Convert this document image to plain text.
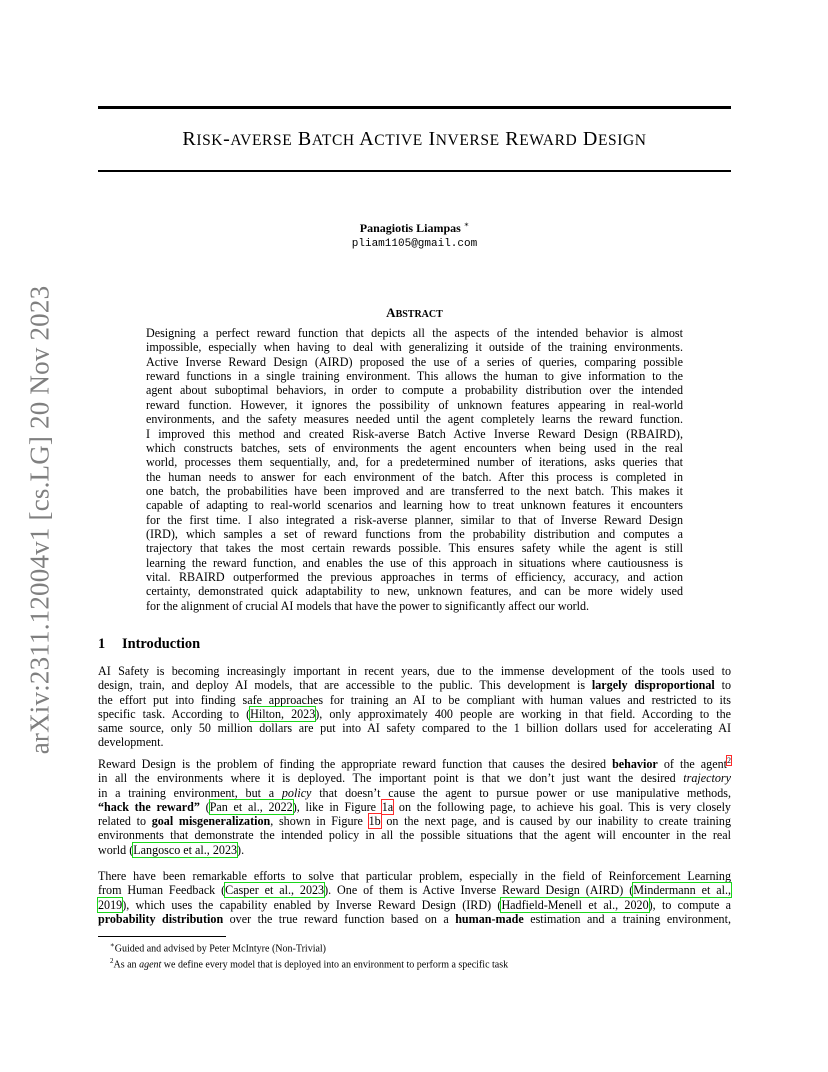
arXiv:2311.12004v1 [cs.LG] 20 Nov 2023
RISK-AVERSE BATCH ACTIVE INVERSE REWARD DESIGN
Panagiotis Liampas ∗
pliam1105@gmail.com
ABSTRACT
Designing a perfect reward function that depicts all the aspects of the intended behavior is almost
impossible, especially when having to deal with generalizing it outside of the training environments.
Active Inverse Reward Design (AIRD) proposed the use of a series of queries, comparing possible
reward functions in a single training environment. This allows the human to give information to the
agent about suboptimal behaviors, in order to compute a probability distribution over the intended
reward function. However, it ignores the possibility of unknown features appearing in real-world
environments, and the safety measures needed until the agent completely learns the reward function.
I improved this method and created Risk-averse Batch Active Inverse Reward Design (RBAIRD),
which constructs batches, sets of environments the agent encounters when being used in the real
world, processes them sequentially, and, for a predetermined number of iterations, asks queries that
the human needs to answer for each environment of the batch. After this process is completed in
one batch, the probabilities have been improved and are transferred to the next batch. This makes it
capable of adapting to real-world scenarios and learning how to treat unknown features it encounters
for the first time. I also integrated a risk-averse planner, similar to that of Inverse Reward Design
(IRD), which samples a set of reward functions from the probability distribution and computes a
trajectory that takes the most certain rewards possible. This ensures safety while the agent is still
learning the reward function, and enables the use of this approach in situations where cautiousness is
vital. RBAIRD outperformed the previous approaches in terms of efficiency, accuracy, and action
certainty, demonstrated quick adaptability to new, unknown features, and can be more widely used
for the alignment of crucial AI models that have the power to significantly affect our world.
1 Introduction
AI Safety is becoming increasingly important in recent years, due to the immense development of the tools used to
design, train, and deploy AI models, that are accessible to the public. This development is largely disproportional to
the effort put into finding safe approaches for training an AI to be compliant with human values and restricted to its
specific task. According to (Hilton, 2023), only approximately 400 people are working in that field. According to the
same source, only 50 million dollars are put into AI safety compared to the 1 billion dollars used for accelerating AI
development.
Reward Design is the problem of finding the appropriate reward function that causes the desired behavior of the agent$^2$
in all the environments where it is deployed. The important point is that we don’t just want the desired trajectory
in a training environment, but a policy that doesn’t cause the agent to pursue power or use manipulative methods,
“hack the reward” (Pan et al., 2022), like in Figure 1a on the following page, to achieve his goal. This is very closely
related to goal misgeneralization, shown in Figure 1b on the next page, and is caused by our inability to create training
environments that demonstrate the intended policy in all the possible situations that the agent will encounter in the real
world (Langosco et al., 2023).
There have been remarkable efforts to solve that particular problem, especially in the field of Reinforcement Learning
from Human Feedback (Casper et al., 2023). One of them is Active Inverse Reward Design (AIRD) (Mindermann et al.,
2019), which uses the capability enabled by Inverse Reward Design (IRD) (Hadfield-Menell et al., 2020), to compute a
probability distribution over the true reward function based on a human-made estimation and a training environment,
∗Guided and advised by Peter McIntyre (Non-Trivial)
$^2$As an agent we define every model that is deployed into an environment to perform a specific task
